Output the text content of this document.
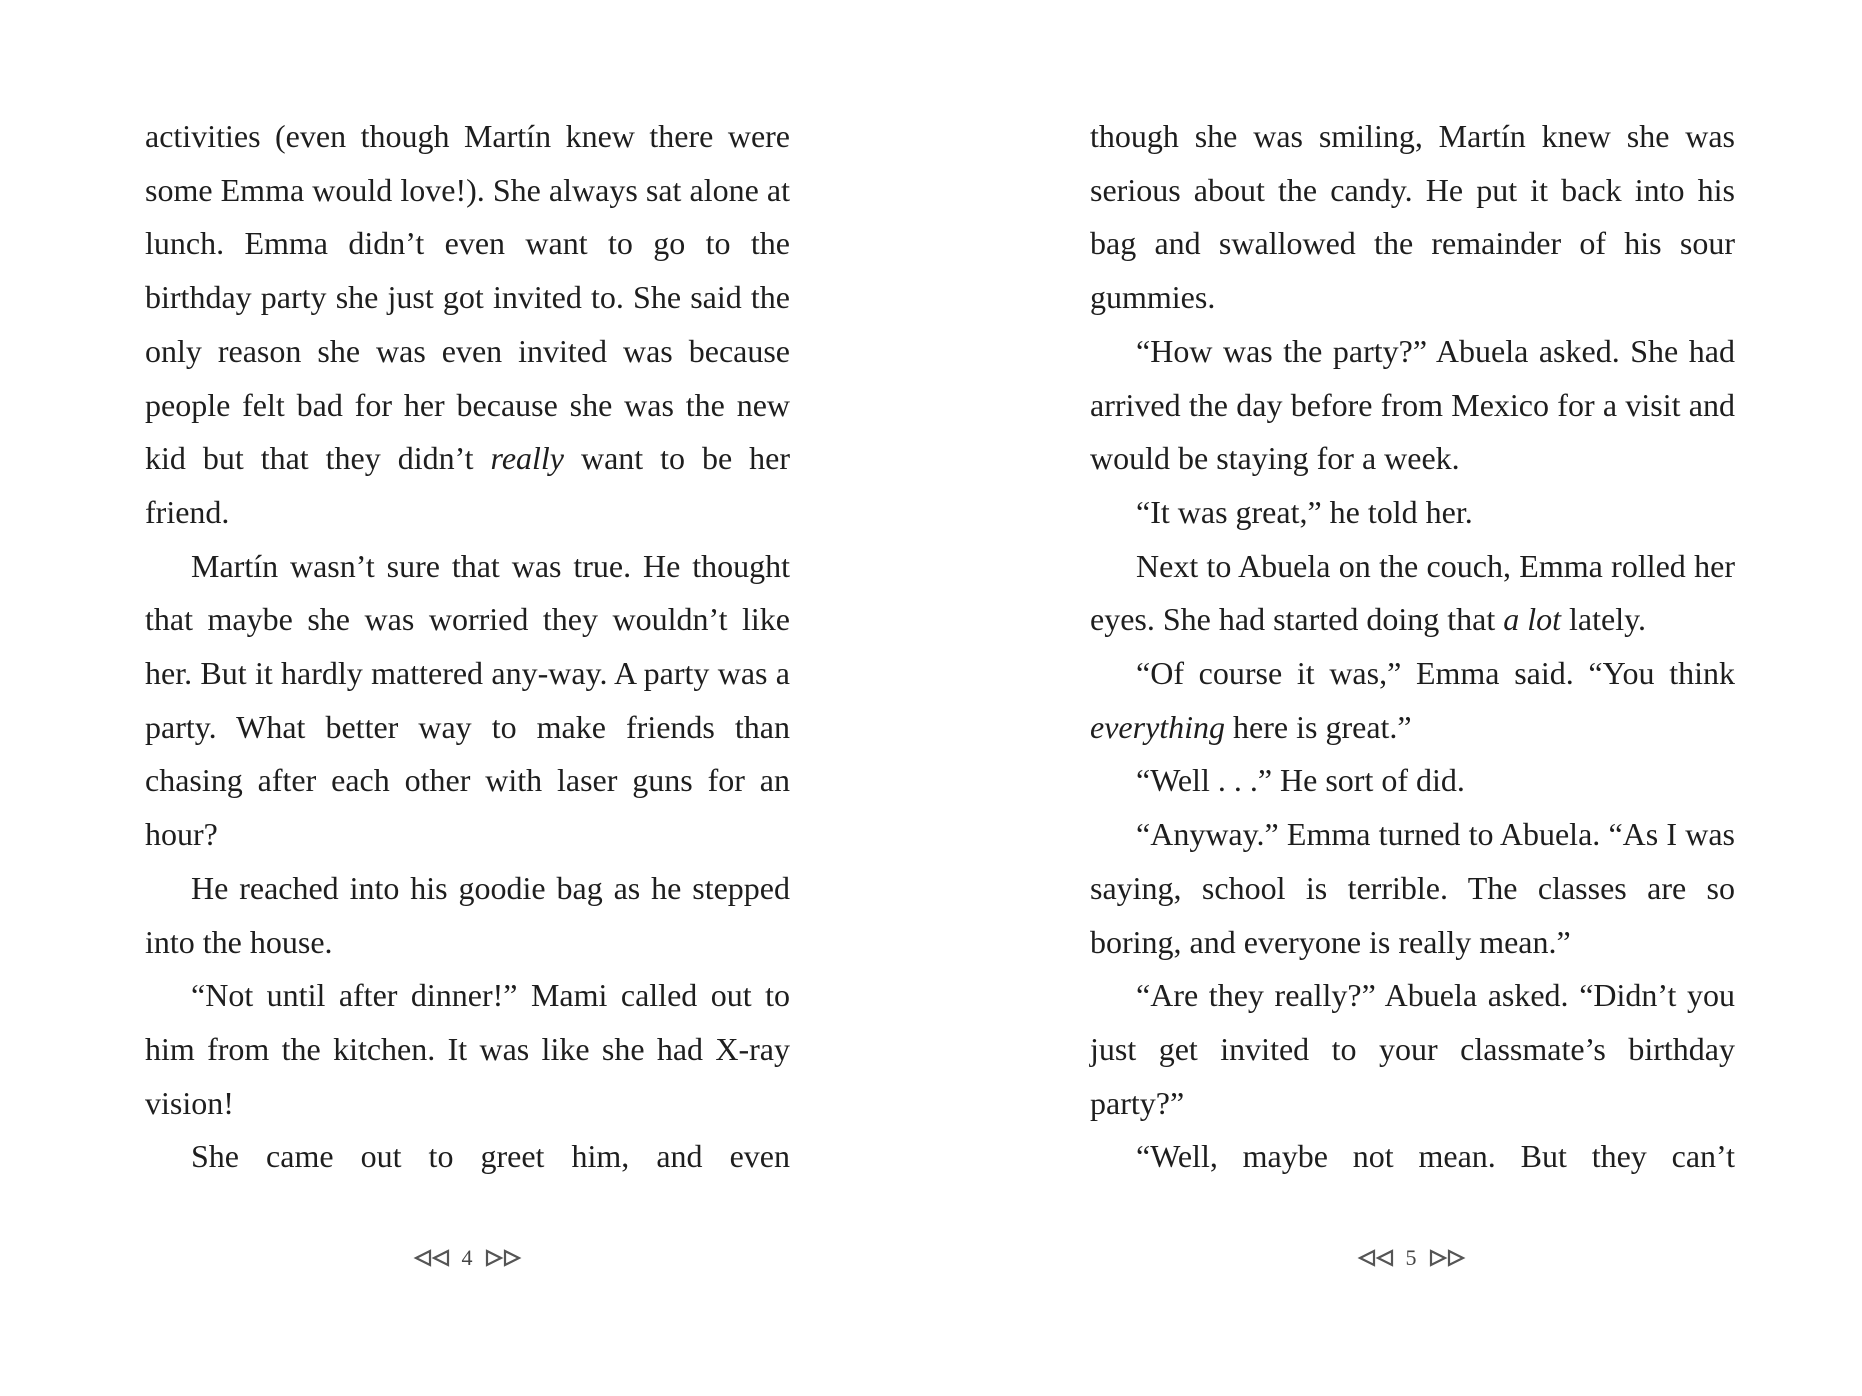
activities (even though Martín knew there were some Emma would love!). She always sat alone at lunch. Emma didn’t even want to go to the birthday party she just got invited to. She said the only reason she was even invited was because people felt bad for her because she was the new kid but that they didn’t really want to be her friend.

Martín wasn’t sure that was true. He thought that maybe she was worried they wouldn’t like her. But it hardly mattered any-way. A party was a party. What better way to make friends than chasing after each other with laser guns for an hour?

He reached into his goodie bag as he stepped into the house.

“Not until after dinner!” Mami called out to him from the kitchen. It was like she had X-ray vision!

She came out to greet him, and even

4

though she was smiling, Martín knew she was serious about the candy. He put it back into his bag and swallowed the remainder of his sour gummies.

“How was the party?” Abuela asked. She had arrived the day before from Mexico for a visit and would be staying for a week.

“It was great,” he told her.

Next to Abuela on the couch, Emma rolled her eyes. She had started doing that a lot lately.

“Of course it was,” Emma said. “You think everything here is great.”

“Well . . .” He sort of did.

“Anyway.” Emma turned to Abuela. “As I was saying, school is terrible. The classes are so boring, and everyone is really mean.”

“Are they really?” Abuela asked. “Didn’t you just get invited to your classmate’s birthday party?”

“Well, maybe not mean. But they can’t

5
